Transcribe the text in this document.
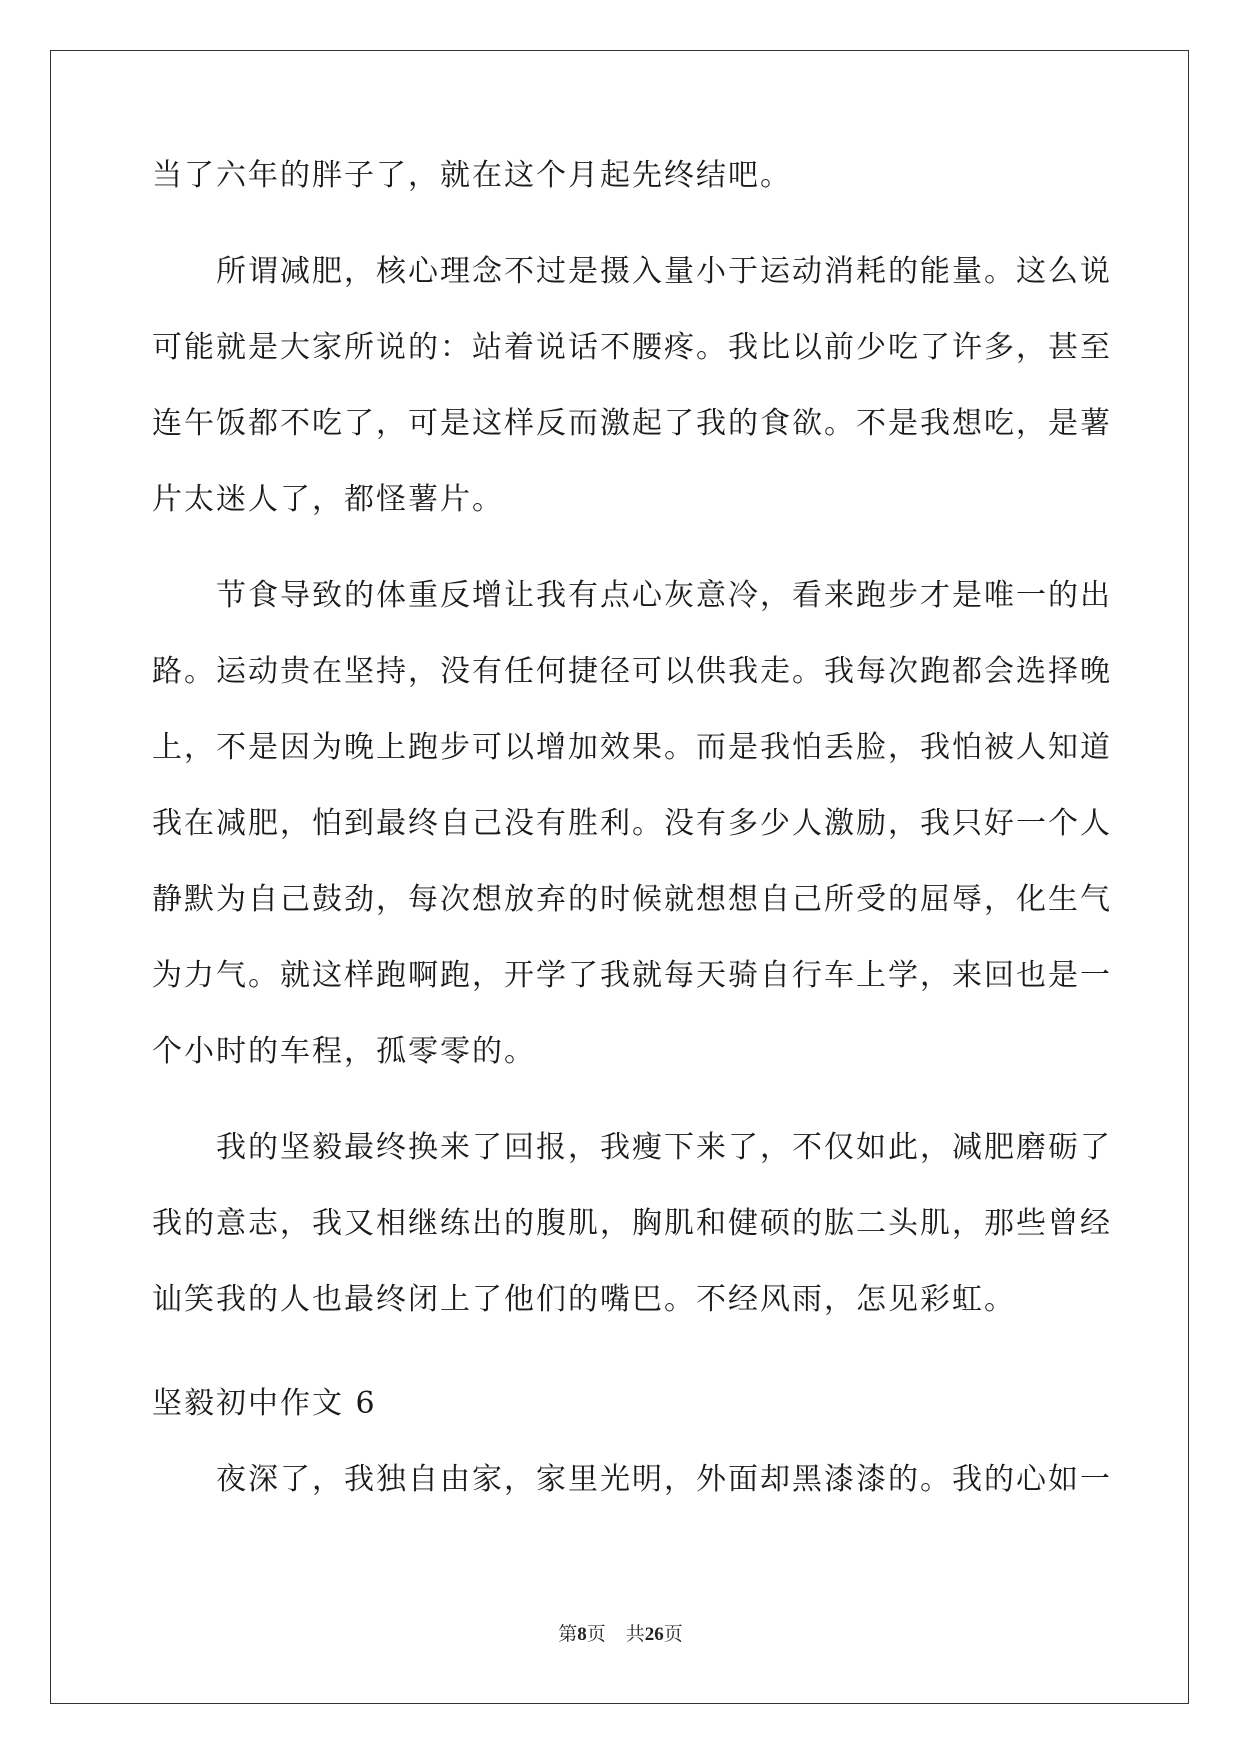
当了六年的胖子了，就在这个月起先终结吧。
所谓减肥，核心理念不过是摄入量小于运动消耗的能量。这么说
可能就是大家所说的：站着说话不腰疼。我比以前少吃了许多，甚至
连午饭都不吃了，可是这样反而激起了我的食欲。不是我想吃，是薯
片太迷人了，都怪薯片。
节食导致的体重反增让我有点心灰意冷，看来跑步才是唯一的出
路。运动贵在坚持，没有任何捷径可以供我走。我每次跑都会选择晚
上，不是因为晚上跑步可以增加效果。而是我怕丢脸，我怕被人知道
我在减肥，怕到最终自己没有胜利。没有多少人激励，我只好一个人
静默为自己鼓劲，每次想放弃的时候就想想自己所受的屈辱，化生气
为力气。就这样跑啊跑，开学了我就每天骑自行车上学，来回也是一
个小时的车程，孤零零的。
我的坚毅最终换来了回报，我瘦下来了，不仅如此，减肥磨砺了
我的意志，我又相继练出的腹肌，胸肌和健硕的肱二头肌，那些曾经
讪笑我的人也最终闭上了他们的嘴巴。不经风雨，怎见彩虹。
坚毅初中作文 6
夜深了，我独自由家，家里光明，外面却黑漆漆的。我的心如一
第8页 共26页
